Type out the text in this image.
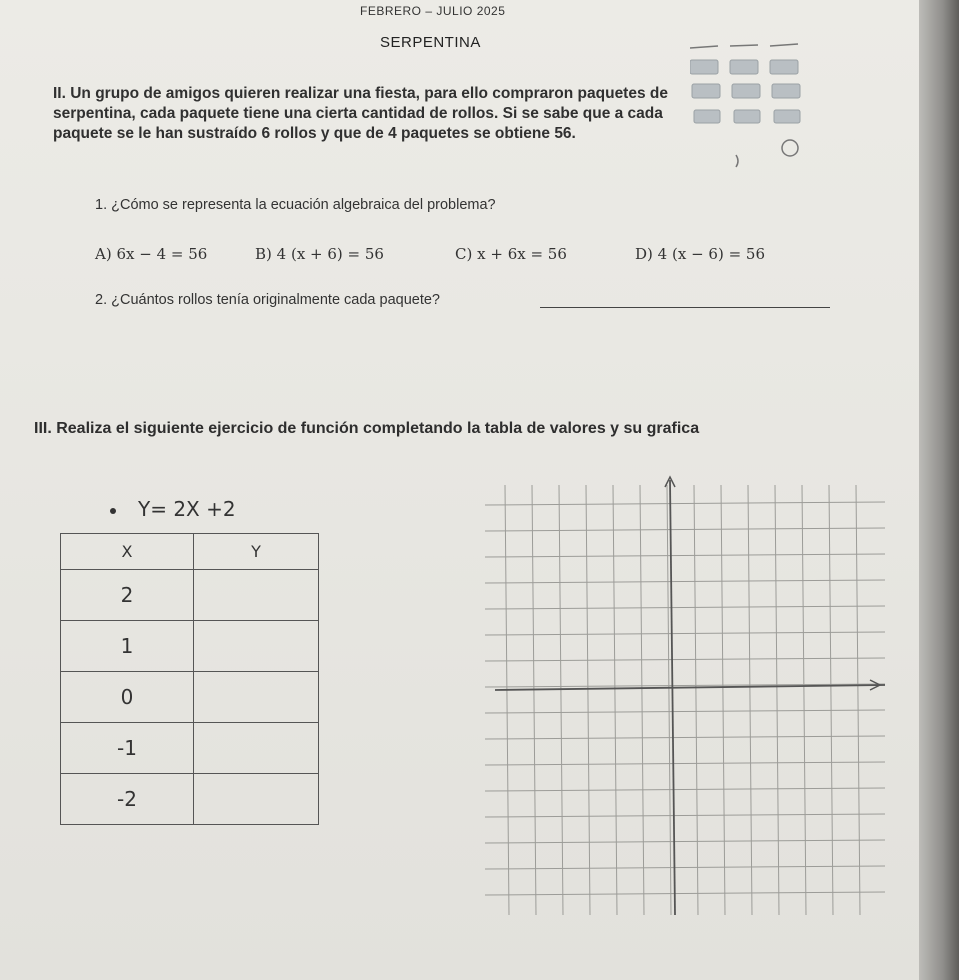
FEBRERO – JULIO 2025
SERPENTINA
II. Un grupo de amigos quieren realizar una fiesta, para ello compraron paquetes de serpentina, cada paquete tiene una cierta cantidad de rollos. Si se sabe que a cada paquete se le han sustraído 6 rollos y que de 4 paquetes se obtiene 56.
1. ¿Cómo se representa la ecuación algebraica del problema?
A) 6x − 4 = 56	B) 4 (x + 6) = 56	C) x + 6x = 56	D) 4 (x − 6) = 56
2. ¿Cuántos rollos tenía originalmente cada paquete?
III. Realiza el siguiente ejercicio de función completando la tabla de valores y su grafica
Y= 2X +2
X	Y
2	
1	
0	
-1	
-2	
